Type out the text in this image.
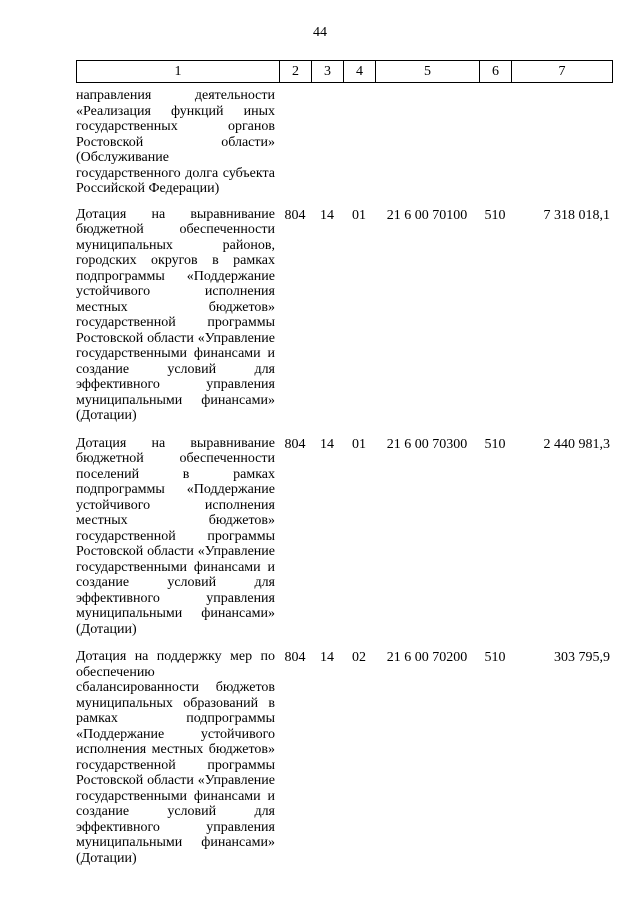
44
1	2	3	4	5	6	7
направления деятельности «Реализация функций иных государственных органов Ростовской области» (Обслуживание государственного долга субъекта Российской Федерации)						
Дотация на выравнивание бюджетной обеспеченности муниципальных районов, городских округов в рамках подпрограммы «Поддержание устойчивого исполнения местных бюджетов» государственной программы Ростовской области «Управление государственными финансами и создание условий для эффективного управления муниципальными финансами» (Дотации)	804	14	01	21 6 00 70100	510	7 318 018,1
Дотация на выравнивание бюджетной обеспеченности поселений в рамках подпрограммы «Поддержание устойчивого исполнения местных бюджетов» государственной программы Ростовской области «Управление государственными финансами и создание условий для эффективного управления муниципальными финансами» (Дотации)	804	14	01	21 6 00 70300	510	2 440 981,3
Дотация на поддержку мер по обеспечению сбалансированности бюджетов муниципальных образований в рамках подпрограммы «Поддержание устойчивого исполнения местных бюджетов» государственной программы Ростовской области «Управление государственными финансами и создание условий для эффективного управления муниципальными финансами» (Дотации)	804	14	02	21 6 00 70200	510	303 795,9
